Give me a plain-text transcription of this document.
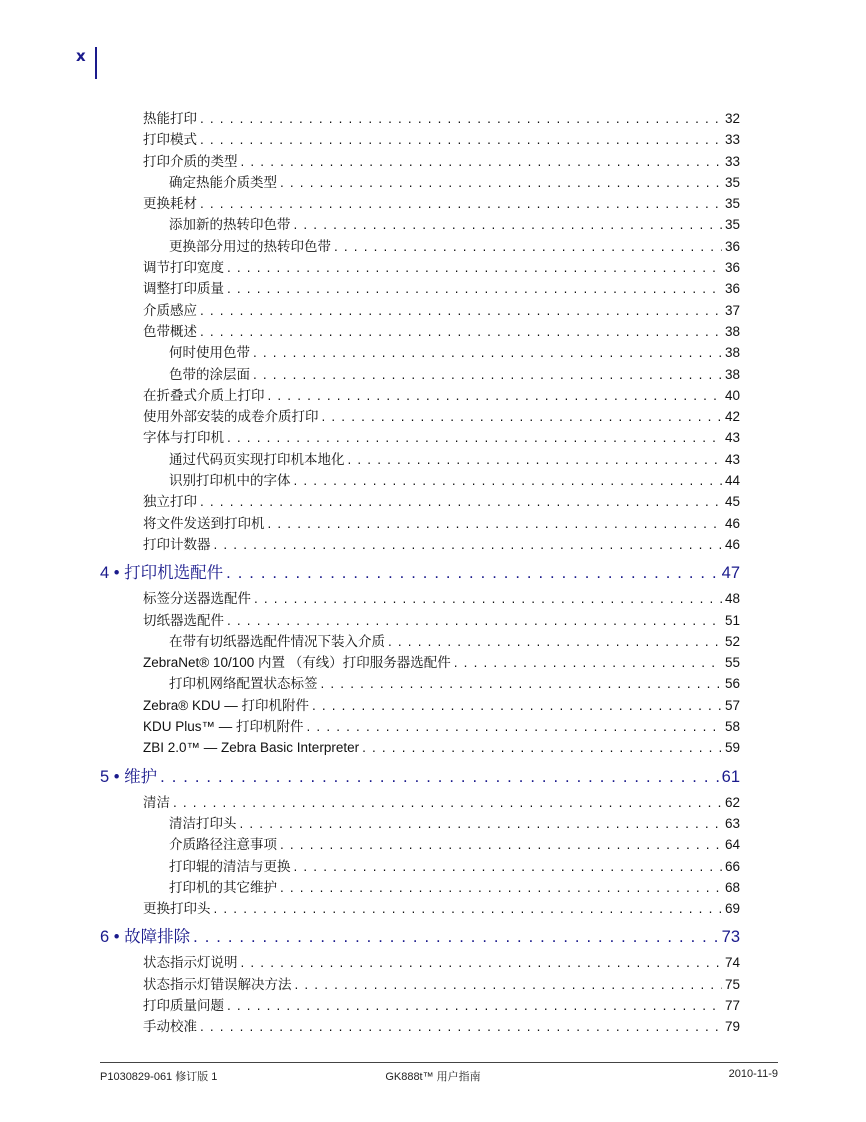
x
热能打印 . . .	32
打印模式 . . .	33
打印介质的类型 . . .	33
确定热能介质类型 . . .	35
更换耗材 . . .	35
添加新的热转印色带 . . .	35
更换部分用过的热转印色带 . . .	36
调节打印宽度 . . .	36
调整打印质量 . . .	36
介质感应 . . .	37
色带概述 . . .	38
何时使用色带 . . .	38
色带的涂层面 . . .	38
在折叠式介质上打印 . . .	40
使用外部安装的成卷介质打印 . . .	42
字体与打印机 . . .	43
通过代码页实现打印机本地化 . . .	43
识别打印机中的字体 . . .	44
独立打印 . . .	45
将文件发送到打印机 . . .	46
打印计数器 . . .	46
4 • 打印机选配件 . . .	47
标签分送器选配件 . . .	48
切纸器选配件 . . .	51
在带有切纸器选配件情况下装入介质 . . .	52
ZebraNet® 10/100 内置 （有线）打印服务器选配件 . . .	55
打印机网络配置状态标签 . . .	56
Zebra® KDU — 打印机附件 . . .	57
KDU Plus™ — 打印机附件 . . .	58
ZBI 2.0™ — Zebra Basic Interpreter . . .	59
5 • 维护 . . .	61
清洁 . . .	62
清洁打印头 . . .	63
介质路径注意事项 . . .	64
打印辊的清洁与更换 . . .	66
打印机的其它维护 . . .	68
更换打印头 . . .	69
6 • 故障排除 . . .	73
状态指示灯说明 . . .	74
状态指示灯错误解决方法 . . .	75
打印质量问题 . . .	77
手动校准 . . .	79
P1030829-061 修订版 1	GK888t™ 用户指南	2010-11-9
